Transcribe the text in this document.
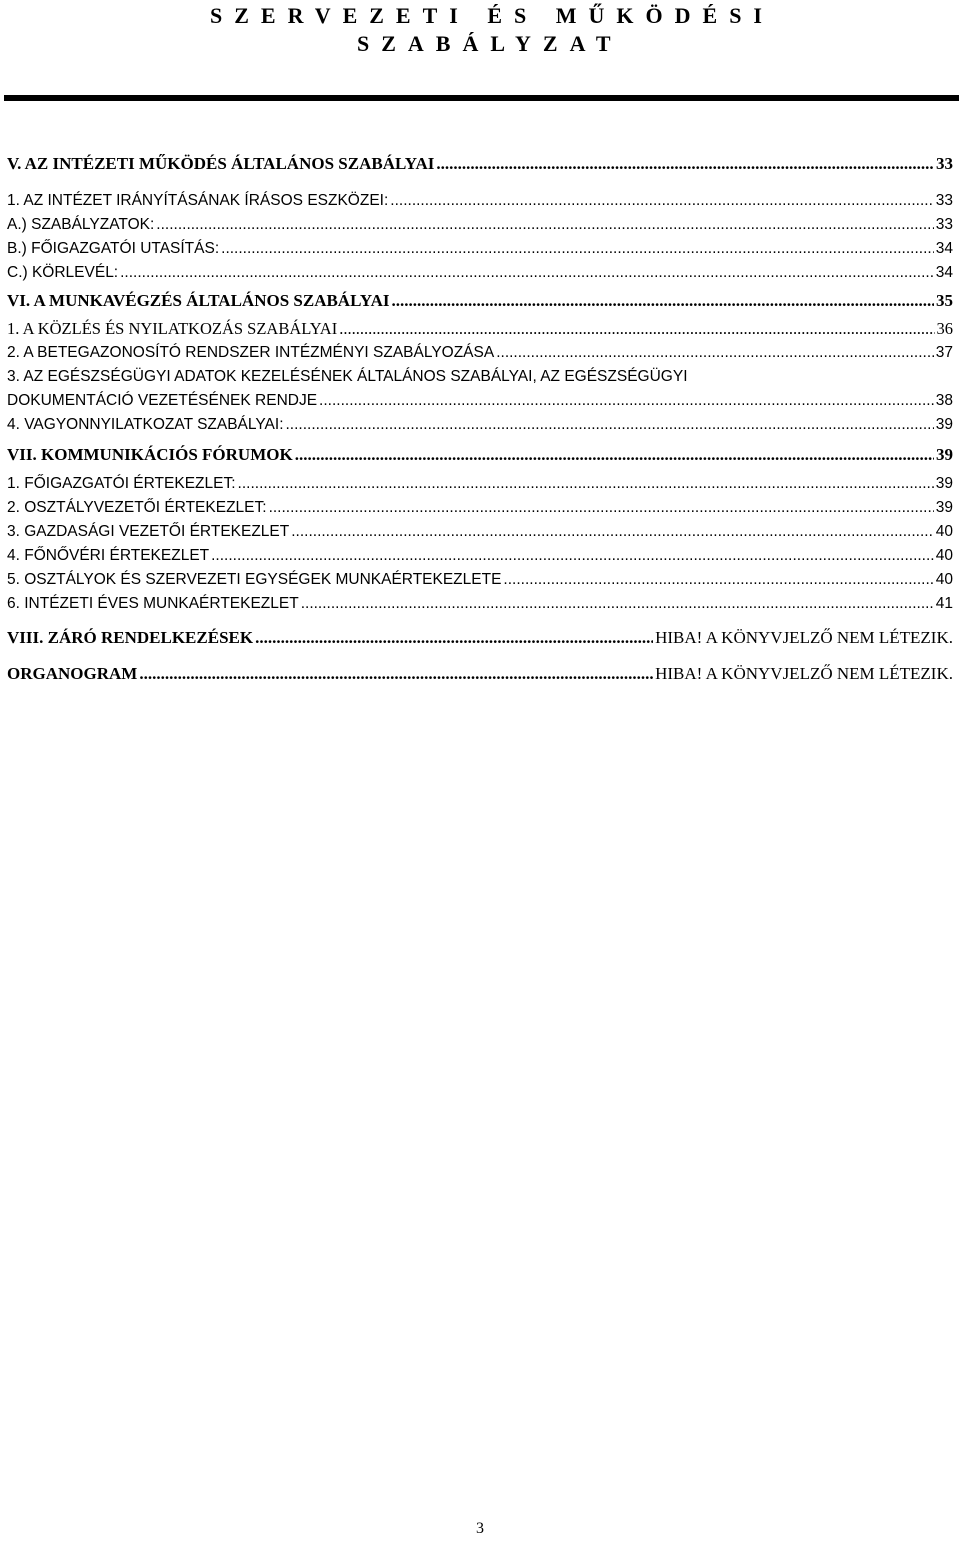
SZERVEZETI ÉS MŰKÖDÉSI

SZABÁLYZAT

V. AZ INTÉZETI MŰKÖDÉS ÁLTALÁNOS SZABÁLYAI .....	33
1. AZ INTÉZET IRÁNYÍTÁSÁNAK ÍRÁSOS ESZKÖZEI: .....	33
A.) SZABÁLYZATOK: .....	33
B.) FŐIGAZGATÓI UTASÍTÁS: .....	34
C.) KÖRLEVÉL: .....	34
VI. A MUNKAVÉGZÉS ÁLTALÁNOS SZABÁLYAI .....	35
1. A KÖZLÉS ÉS NYILATKOZÁS SZABÁLYAI .....	36
2. A BETEGAZONOSÍTÓ RENDSZER INTÉZMÉNYI SZABÁLYOZÁSA .....	37
3. AZ EGÉSZSÉGÜGYI ADATOK KEZELÉSÉNEK ÁLTALÁNOS SZABÁLYAI, AZ EGÉSZSÉGÜGYI
DOKUMENTÁCIÓ VEZETÉSÉNEK RENDJE .....	38
4. VAGYONNYILATKOZAT SZABÁLYAI: .....	39
VII. KOMMUNIKÁCIÓS FÓRUMOK .....	39
1. FŐIGAZGATÓI ÉRTEKEZLET: .....	39
2. OSZTÁLYVEZETŐI ÉRTEKEZLET: .....	39
3. GAZDASÁGI VEZETŐI ÉRTEKEZLET .....	40
4. FŐNŐVÉRI ÉRTEKEZLET .....	40
5. OSZTÁLYOK ÉS SZERVEZETI EGYSÉGEK MUNKAÉRTEKEZLETE .....	40
6. INTÉZETI ÉVES MUNKAÉRTEKEZLET .....	41
VIII. ZÁRÓ RENDELKEZÉSEK .....	HIBA! A KÖNYVJELZŐ NEM LÉTEZIK.
ORGANOGRAM .....	HIBA! A KÖNYVJELZŐ NEM LÉTEZIK.
3
